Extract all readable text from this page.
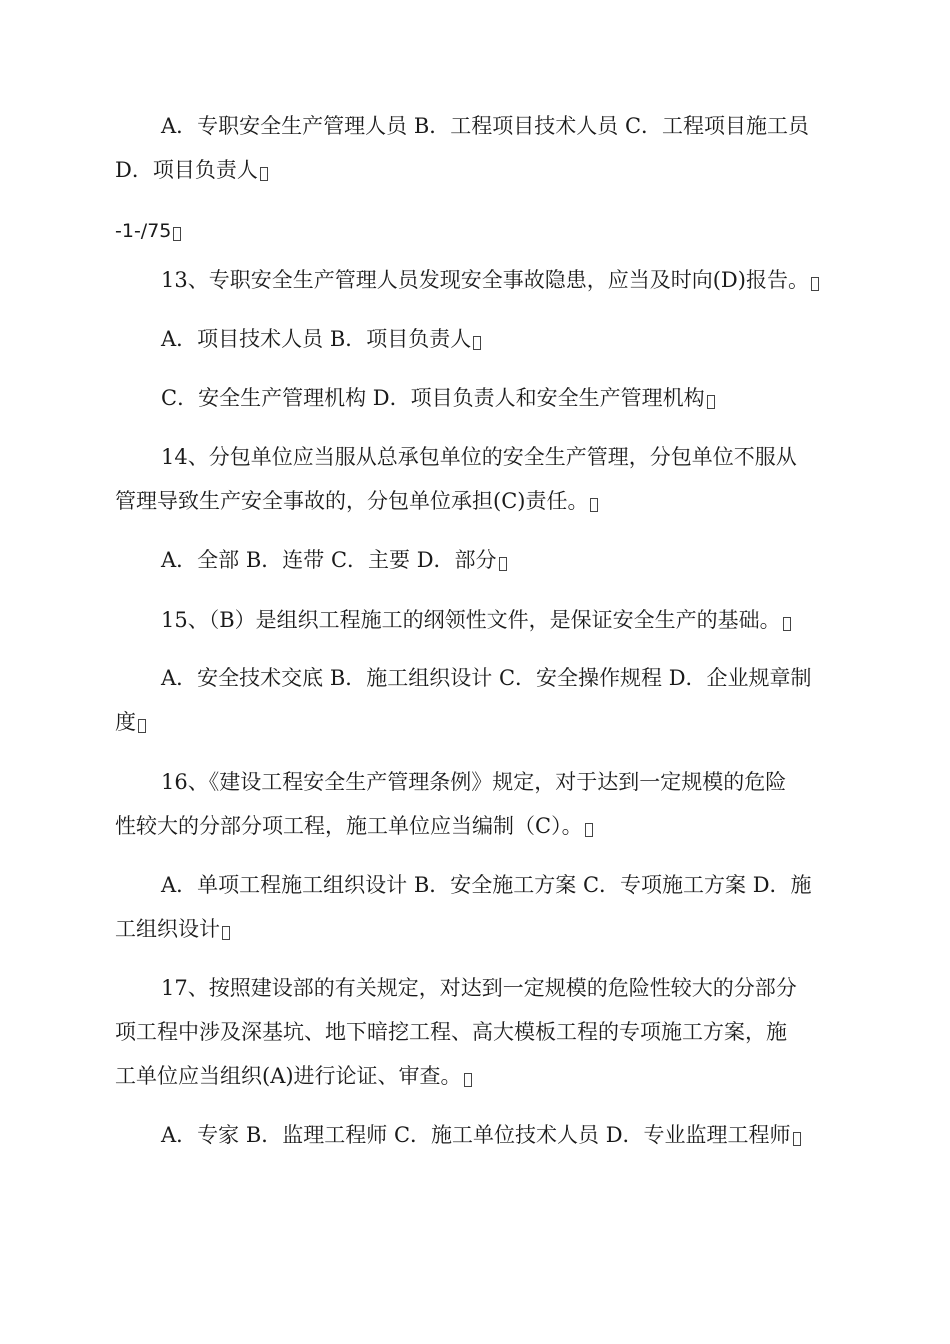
A．专职安全生产管理人员 B．工程项目技术人员 C．工程项目施工员
D．项目负责人
-1-/75
13、专职安全生产管理人员发现安全事故隐患，应当及时向(D)报告。
A．项目技术人员 B．项目负责人
C．安全生产管理机构 D．项目负责人和安全生产管理机构
14、分包单位应当服从总承包单位的安全生产管理，分包单位不服从
管理导致生产安全事故的，分包单位承担(C)责任。
A．全部 B．连带 C．主要 D．部分
15、（B）是组织工程施工的纲领性文件，是保证安全生产的基础。
A．安全技术交底 B．施工组织设计 C．安全操作规程 D．企业规章制
度
16、《建设工程安全生产管理条例》规定，对于达到一定规模的危险
性较大的分部分项工程，施工单位应当编制（C）。
A．单项工程施工组织设计 B．安全施工方案 C．专项施工方案 D．施
工组织设计
17、按照建设部的有关规定，对达到一定规模的危险性较大的分部分
项工程中涉及深基坑、地下暗挖工程、高大模板工程的专项施工方案，施
工单位应当组织(A)进行论证、审查。
A．专家 B．监理工程师 C．施工单位技术人员 D．专业监理工程师
